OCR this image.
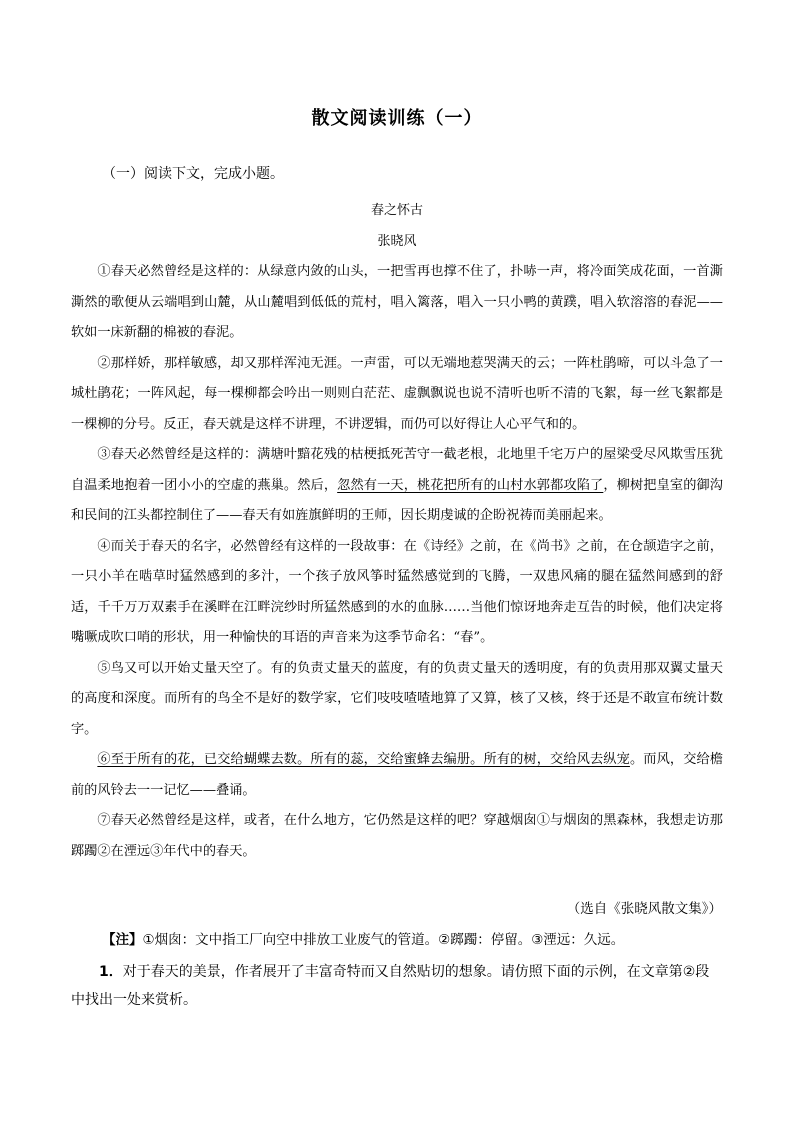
散文阅读训练（一）
（一）阅读下文，完成小题。
春之怀古
张晓风

①春天必然曾经是这样的：从绿意内敛的山头，一把雪再也撑不住了，扑哧一声，将冷面笑成花面，一首澌澌然的歌便从云端唱到山麓，从山麓唱到低低的荒村，唱入篱落，唱入一只小鸭的黄蹼，唱入软溶溶的春泥——软如一床新翻的棉被的春泥。

②那样娇，那样敏感，却又那样浑沌无涯。一声雷，可以无端地惹哭满天的云；一阵杜鹃啼，可以斗急了一城杜鹃花；一阵风起，每一棵柳都会吟出一则则白茫茫、虚飘飘说也说不清听也听不清的飞絮，每一丝飞絮都是一棵柳的分号。反正，春天就是这样不讲理，不讲逻辑，而仍可以好得让人心平气和的。

③春天必然曾经是这样的：满塘叶黯花残的枯梗抵死苦守一截老根，北地里千宅万户的屋梁受尽风欺雪压犹自温柔地抱着一团小小的空虚的燕巢。然后，忽然有一天，桃花把所有的山村水郭都攻陷了，柳树把皇室的御沟和民间的江头都控制住了——春天有如旌旗鲜明的王师，因长期虔诚的企盼祝祷而美丽起来。

④而关于春天的名字，必然曾经有这样的一段故事：在《诗经》之前，在《尚书》之前，在仓颉造字之前，一只小羊在啮草时猛然感到的多汁，一个孩子放风筝时猛然感觉到的飞腾，一双患风痛的腿在猛然间感到的舒适，千千万万双素手在溪畔在江畔浣纱时所猛然感到的水的血脉……当他们惊讶地奔走互告的时候，他们决定将嘴噘成吹口哨的形状，用一种愉快的耳语的声音来为这季节命名：“春”。

⑤鸟又可以开始丈量天空了。有的负责丈量天的蓝度，有的负责丈量天的透明度，有的负责用那双翼丈量天的高度和深度。而所有的鸟全不是好的数学家，它们吱吱喳喳地算了又算，核了又核，终于还是不敢宣布统计数字。

⑥至于所有的花，已交给蝴蝶去数。所有的蕊，交给蜜蜂去编册。所有的树，交给风去纵宠。而风，交给檐前的风铃去一一记忆——叠诵。

⑦春天必然曾经是这样，或者，在什么地方，它仍然是这样的吧？穿越烟囱①与烟囱的黑森林，我想走访那踯躅②在湮远③年代中的春天。

（选自《张晓风散文集》）
【注】①烟囱：文中指工厂向空中排放工业废气的管道。②踯躅：停留。③湮远：久远。

1．对于春天的美景，作者展开了丰富奇特而又自然贴切的想象。请仿照下面的示例，在文章第②段中找出一处来赏析。
